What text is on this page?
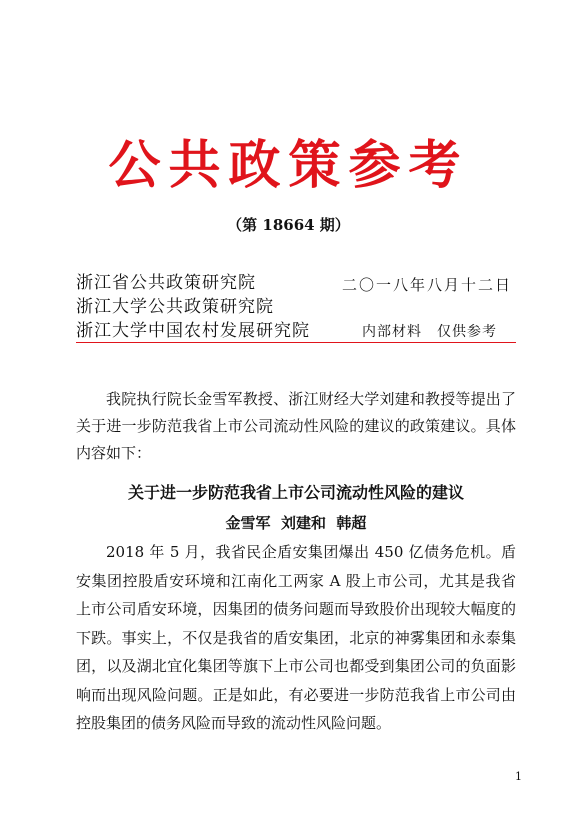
公共政策参考
（第 18664 期）
浙江省公共政策研究院
浙江大学公共政策研究院
浙江大学中国农村发展研究院
二〇一八年八月十二日
内部材料　仅供参考
我院执行院长金雪军教授、浙江财经大学刘建和教授等提出了关于进一步防范我省上市公司流动性风险的建议的政策建议。具体内容如下：
关于进一步防范我省上市公司流动性风险的建议
金雪军  刘建和  韩超
2018 年 5 月，我省民企盾安集团爆出 450 亿债务危机。盾安集团控股盾安环境和江南化工两家 A 股上市公司，尤其是我省上市公司盾安环境，因集团的债务问题而导致股价出现较大幅度的下跌。事实上，不仅是我省的盾安集团，北京的神雾集团和永泰集团，以及湖北宜化集团等旗下上市公司也都受到集团公司的负面影响而出现风险问题。正是如此，有必要进一步防范我省上市公司由控股集团的债务风险而导致的流动性风险问题。
1
